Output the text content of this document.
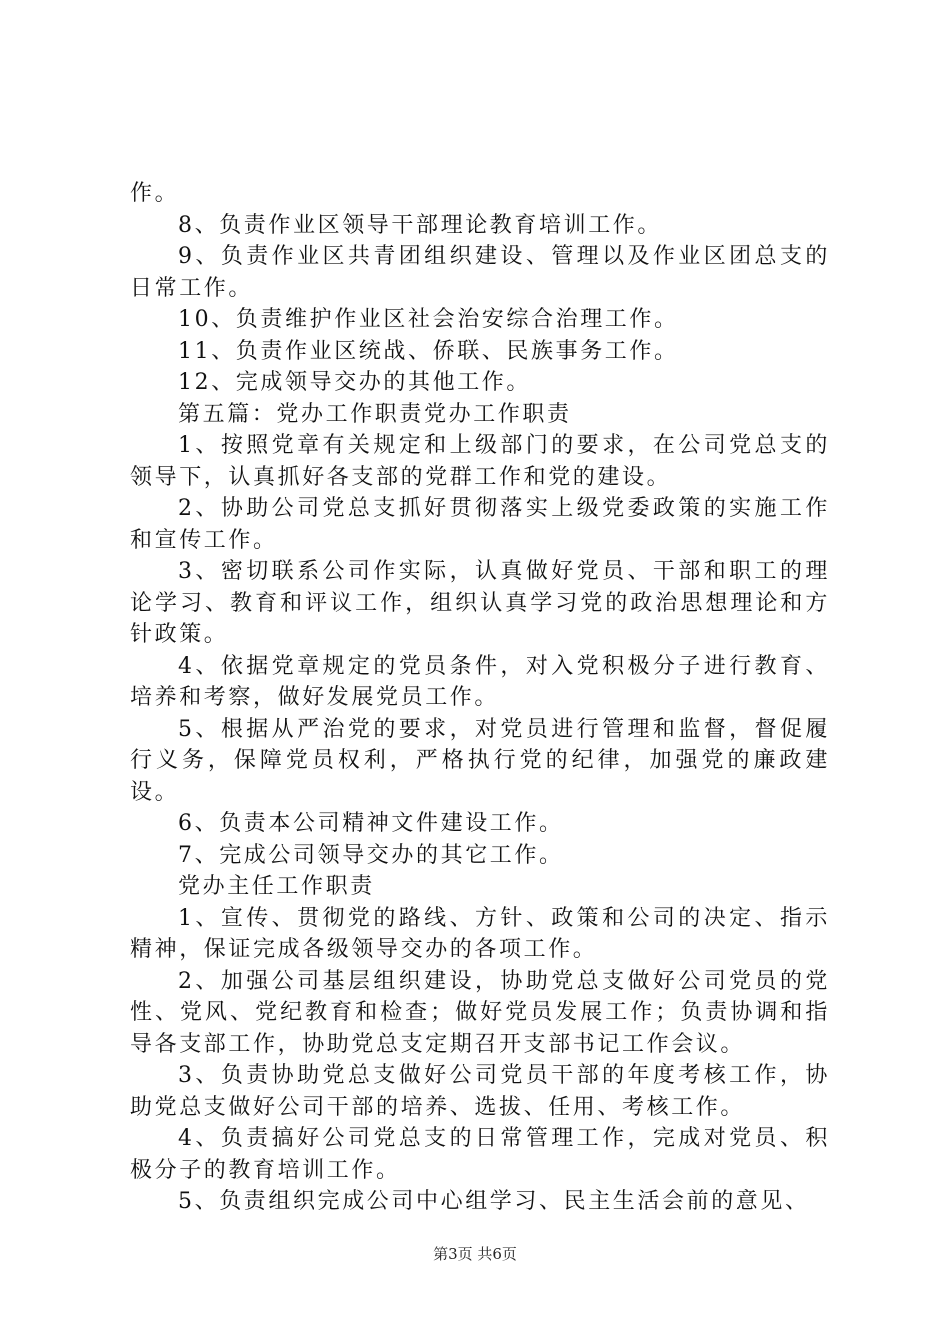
作。

8、负责作业区领导干部理论教育培训工作。

9、负责作业区共青团组织建设、管理以及作业区团总支的日常工作。

10、负责维护作业区社会治安综合治理工作。

11、负责作业区统战、侨联、民族事务工作。

12、完成领导交办的其他工作。

第五篇：党办工作职责党办工作职责

1、按照党章有关规定和上级部门的要求，在公司党总支的领导下，认真抓好各支部的党群工作和党的建设。

2、协助公司党总支抓好贯彻落实上级党委政策的实施工作和宣传工作。

3、密切联系公司作实际，认真做好党员、干部和职工的理论学习、教育和评议工作，组织认真学习党的政治思想理论和方针政策。

4、依据党章规定的党员条件，对入党积极分子进行教育、培养和考察，做好发展党员工作。

5、根据从严治党的要求，对党员进行管理和监督，督促履行义务，保障党员权利，严格执行党的纪律，加强党的廉政建设。

6、负责本公司精神文件建设工作。

7、完成公司领导交办的其它工作。

党办主任工作职责

1、宣传、贯彻党的路线、方针、政策和公司的决定、指示精神，保证完成各级领导交办的各项工作。

2、加强公司基层组织建设，协助党总支做好公司党员的党性、党风、党纪教育和检查；做好党员发展工作；负责协调和指导各支部工作，协助党总支定期召开支部书记工作会议。

3、负责协助党总支做好公司党员干部的年度考核工作，协助党总支做好公司干部的培养、选拔、任用、考核工作。

4、负责搞好公司党总支的日常管理工作，完成对党员、积极分子的教育培训工作。

5、负责组织完成公司中心组学习、民主生活会前的意见、

第3页 共6页
